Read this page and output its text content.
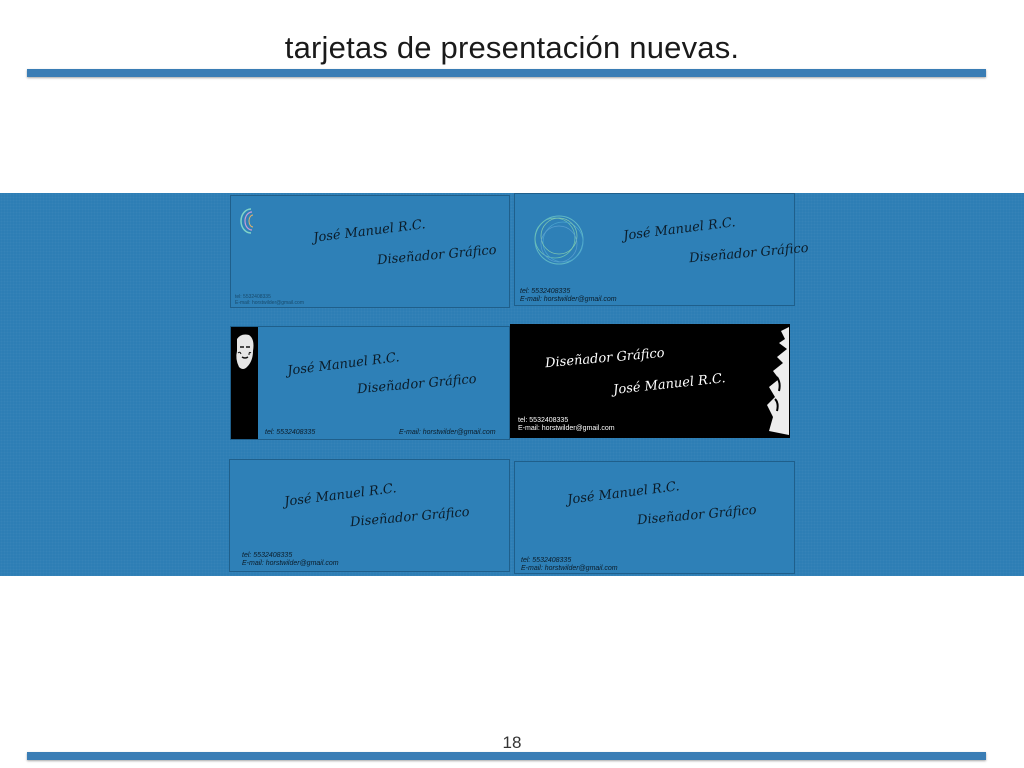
tarjetas de presentación nuevas.
José Manuel R.C.
Diseñador Gráfico
tel: 5532408335
E-mail: horstwilder@gmail.com
José Manuel R.C.
Diseñador Gráfico
tel: 5532408335
E-mail: horstwilder@gmail.com
José Manuel R.C.
Diseñador Gráfico
tel: 5532408335	E-mail: horstwilder@gmail.com
Diseñador Gráfico
José Manuel R.C.
tel: 5532408335
E-mail: horstwilder@gmail.com
José Manuel R.C.
Diseñador Gráfico
tel: 5532408335
E-mail: horstwilder@gmail.com
José Manuel R.C.
Diseñador Gráfico
tel: 5532408335
E-mail: horstwilder@gmail.com
18
